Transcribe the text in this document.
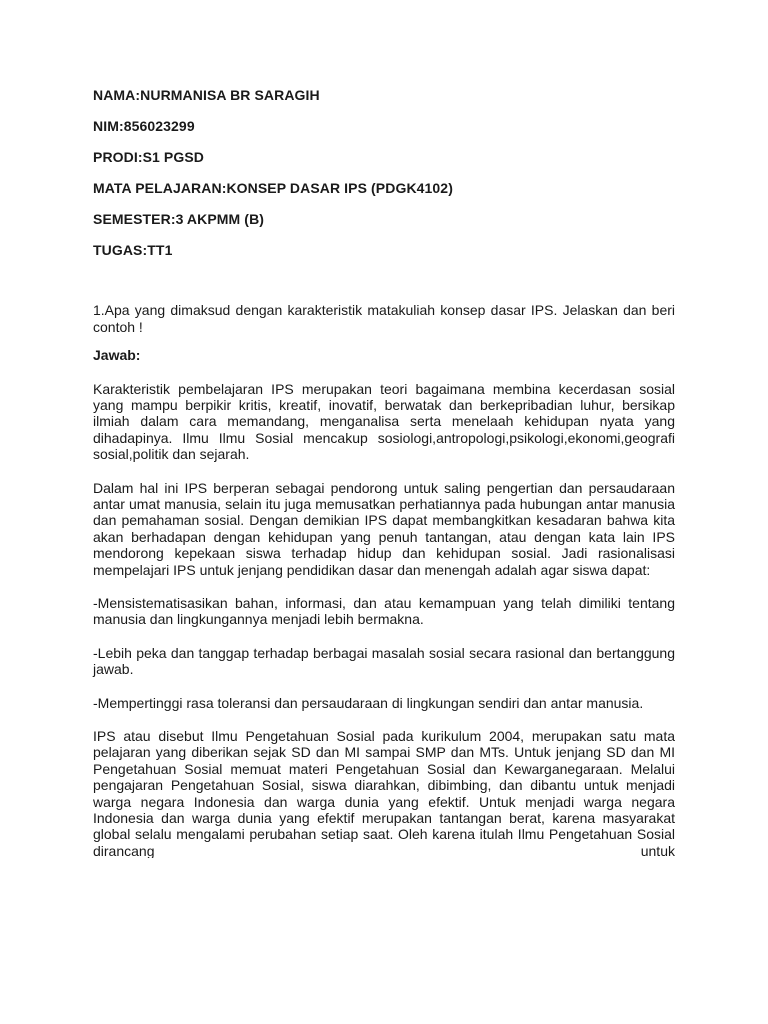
NAMA:NURMANISA BR SARAGIH
NIM:856023299
PRODI:S1 PGSD
MATA PELAJARAN:KONSEP DASAR IPS (PDGK4102)
SEMESTER:3 AKPMM (B)
TUGAS:TT1
1.Apa yang dimaksud dengan karakteristik matakuliah konsep dasar IPS. Jelaskan dan beri contoh !
Jawab:
Karakteristik pembelajaran IPS merupakan teori bagaimana membina kecerdasan sosial yang mampu berpikir kritis, kreatif, inovatif, berwatak dan berkepribadian luhur, bersikap ilmiah dalam cara memandang, menganalisa serta menelaah kehidupan nyata yang dihadapinya. Ilmu Ilmu Sosial mencakup sosiologi,antropologi,psikologi,ekonomi,geografi sosial,politik dan sejarah.
Dalam hal ini IPS berperan sebagai pendorong untuk saling pengertian dan persaudaraan antar umat manusia, selain itu juga memusatkan perhatiannya pada hubungan antar manusia dan pemahaman sosial. Dengan demikian IPS dapat membangkitkan kesadaran bahwa kita akan berhadapan dengan kehidupan yang penuh tantangan, atau dengan kata lain IPS mendorong kepekaan siswa terhadap hidup dan kehidupan sosial. Jadi rasionalisasi mempelajari IPS untuk jenjang pendidikan dasar dan menengah adalah agar siswa dapat:
-Mensistematisasikan bahan, informasi, dan atau kemampuan yang telah dimiliki tentang manusia dan lingkungannya menjadi lebih bermakna.
-Lebih peka dan tanggap terhadap berbagai masalah sosial secara rasional dan bertanggung jawab.
-Mempertinggi rasa toleransi dan persaudaraan di lingkungan sendiri dan antar manusia.
IPS atau disebut Ilmu Pengetahuan Sosial pada kurikulum 2004, merupakan satu mata pelajaran yang diberikan sejak SD dan MI sampai SMP dan MTs. Untuk jenjang SD dan MI Pengetahuan Sosial memuat materi Pengetahuan Sosial dan Kewarganegaraan. Melalui pengajaran Pengetahuan Sosial, siswa diarahkan, dibimbing, dan dibantu untuk menjadi warga negara Indonesia dan warga dunia yang efektif. Untuk menjadi warga negara Indonesia dan warga dunia yang efektif merupakan tantangan berat, karena masyarakat global selalu mengalami perubahan setiap saat. Oleh karena itulah Ilmu Pengetahuan Sosial dirancang untuk
